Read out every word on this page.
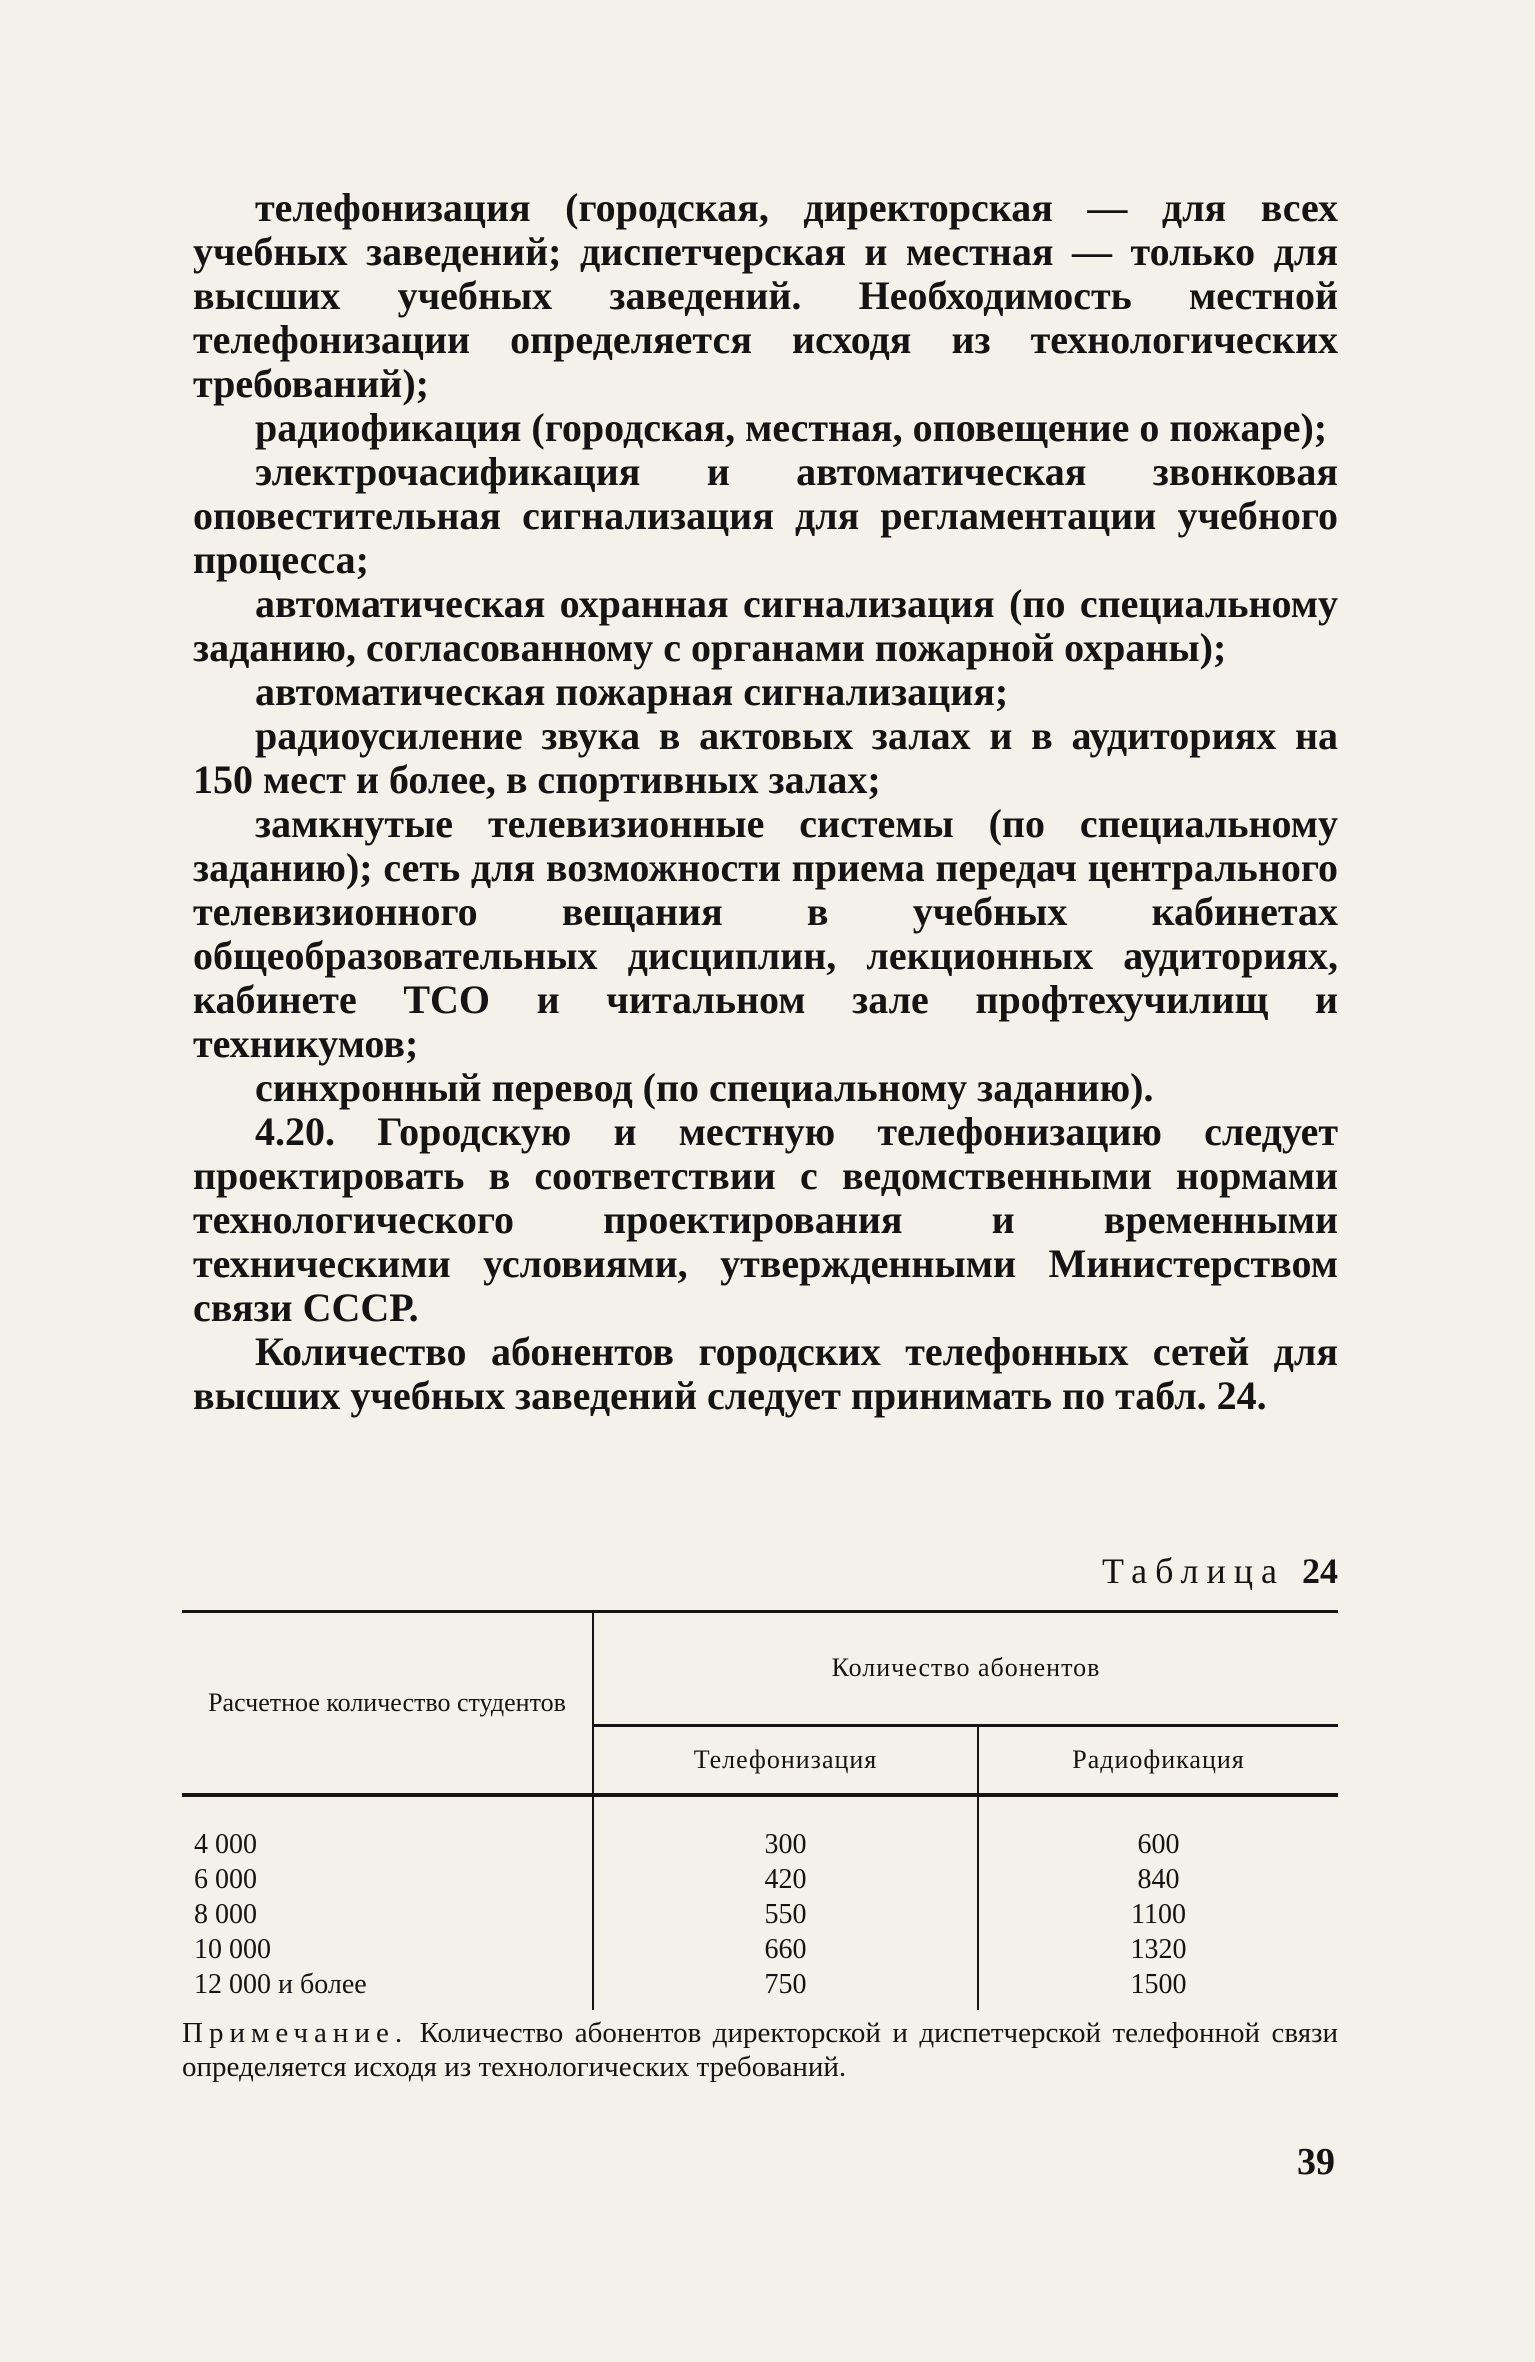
телефонизация (городская, директорская — для всех учебных заведений; диспетчерская и местная — только для высших учебных заведений. Необходимость местной телефонизации определяется исходя из технологических требований);

радиофикация (городская, местная, оповещение о пожаре);

электрочасификация и автоматическая звонковая оповестительная сигнализация для регламентации учебного процесса;

автоматическая охранная сигнализация (по специальному заданию, согласованному с органами пожарной охраны);

автоматическая пожарная сигнализация;

радиоусиление звука в актовых залах и в аудиториях на 150 мест и более, в спортивных залах;

замкнутые телевизионные системы (по специальному заданию); сеть для возможности приема передач центрального телевизионного вещания в учебных кабинетах общеобразовательных дисциплин, лекционных аудиториях, кабинете ТСО и читальном зале профтехучилищ и техникумов;

синхронный перевод (по специальному заданию).

4.20. Городскую и местную телефонизацию следует проектировать в соответствии с ведомственными нормами технологического проектирования и временными техническими условиями, утвержденными Министерством связи СССР.

Количество абонентов городских телефонных сетей для высших учебных заведений следует принимать по табл. 24.

Таблица 24
Расчетное количество студентов	Количество абонентов	
	Телефонизация	Радиофикация
4 000	300	600
6 000	420	840
8 000	550	1100
10 000	660	1320
12 000 и более	750	1500
Примечание. Количество абонентов директорской и диспетчерской телефонной связи определяется исходя из технологических требований.
39
